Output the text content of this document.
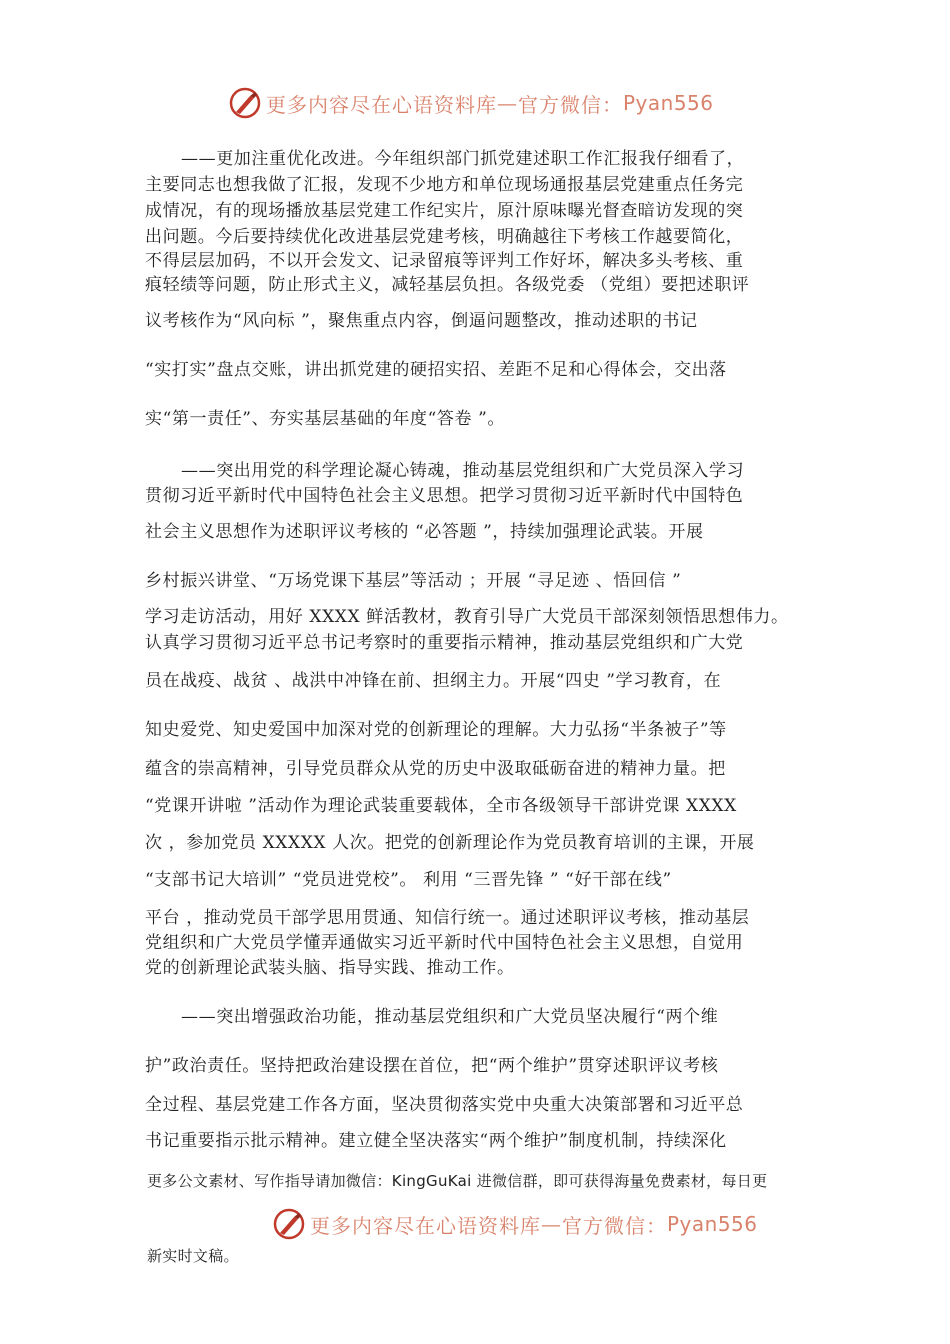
更多内容尽在心语资料库 — 官方微信： Pyan556
——更加注重优化改进。今年组织部门抓党建述职工作汇报我仔细看了，
主要同志也想我做了汇报，发现不少地方和单位现场通报基层党建重点任务完
成情况，有的现场播放基层党建工作纪实片，原汁原味曝光督查暗访发现的突
出问题。今后要持续优化改进基层党建考核，明确越往下考核工作越要简化，
不得层层加码，不以开会发文、记录留痕等评判工作好坏，解决多头考核、重
痕轻绩等问题，防止形式主义，减轻基层负担。各级党委 （党组）要把述职评
议考核作为“风向标 ”，聚焦重点内容，倒逼问题整改，推动述职的书记
“实打实”盘点交账，讲出抓党建的硬招实招、差距不足和心得体会，交出落
实“第一责任”、夯实基层基础的年度“答卷 ”。
——突出用党的科学理论凝心铸魂，推动基层党组织和广大党员深入学习
贯彻习近平新时代中国特色社会主义思想。把学习贯彻习近平新时代中国特色
社会主义思想作为述职评议考核的 “必答题 ”，持续加强理论武装。开展
乡村振兴讲堂、“万场党课下基层”等活动 ；开展 “寻足迹 、悟回信 ”
学习走访活动，用好 XXXX 鲜活教材，教育引导广大党员干部深刻领悟思想伟力。
认真学习贯彻习近平总书记考察时的重要指示精神，推动基层党组织和广大党
员在战疫、战贫 、战洪中冲锋在前、担纲主力。开展“四史 ”学习教育，在
知史爱党、知史爱国中加深对党的创新理论的理解。大力弘扬“半条被子”等
蕴含的崇高精神，引导党员群众从党的历史中汲取砥砺奋进的精神力量。把
“党课开讲啦 ”活动作为理论武装重要载体，全市各级领导干部讲党课 XXXX
次 ，参加党员 XXXXX 人次。把党的创新理论作为党员教育培训的主课，开展
“支部书记大培训” “党员进党校”。 利用 “三晋先锋 ” “好干部在线”
平台 ，推动党员干部学思用贯通、知信行统一。通过述职评议考核，推动基层
党组织和广大党员学懂弄通做实习近平新时代中国特色社会主义思想，自觉用
党的创新理论武装头脑、指导实践、推动工作。
——突出增强政治功能，推动基层党组织和广大党员坚决履行“两个维
护”政治责任。坚持把政治建设摆在首位，把“两个维护”贯穿述职评议考核
全过程、基层党建工作各方面，坚决贯彻落实党中央重大决策部署和习近平总
书记重要指示批示精神。建立健全坚决落实“两个维护”制度机制，持续深化
更多公文素材、写作指导请加微信：KingGuKai 进微信群，即可获得海量免费素材，每日更
更多内容尽在心语资料库 — 官方微信： Pyan556
新实时文稿。
